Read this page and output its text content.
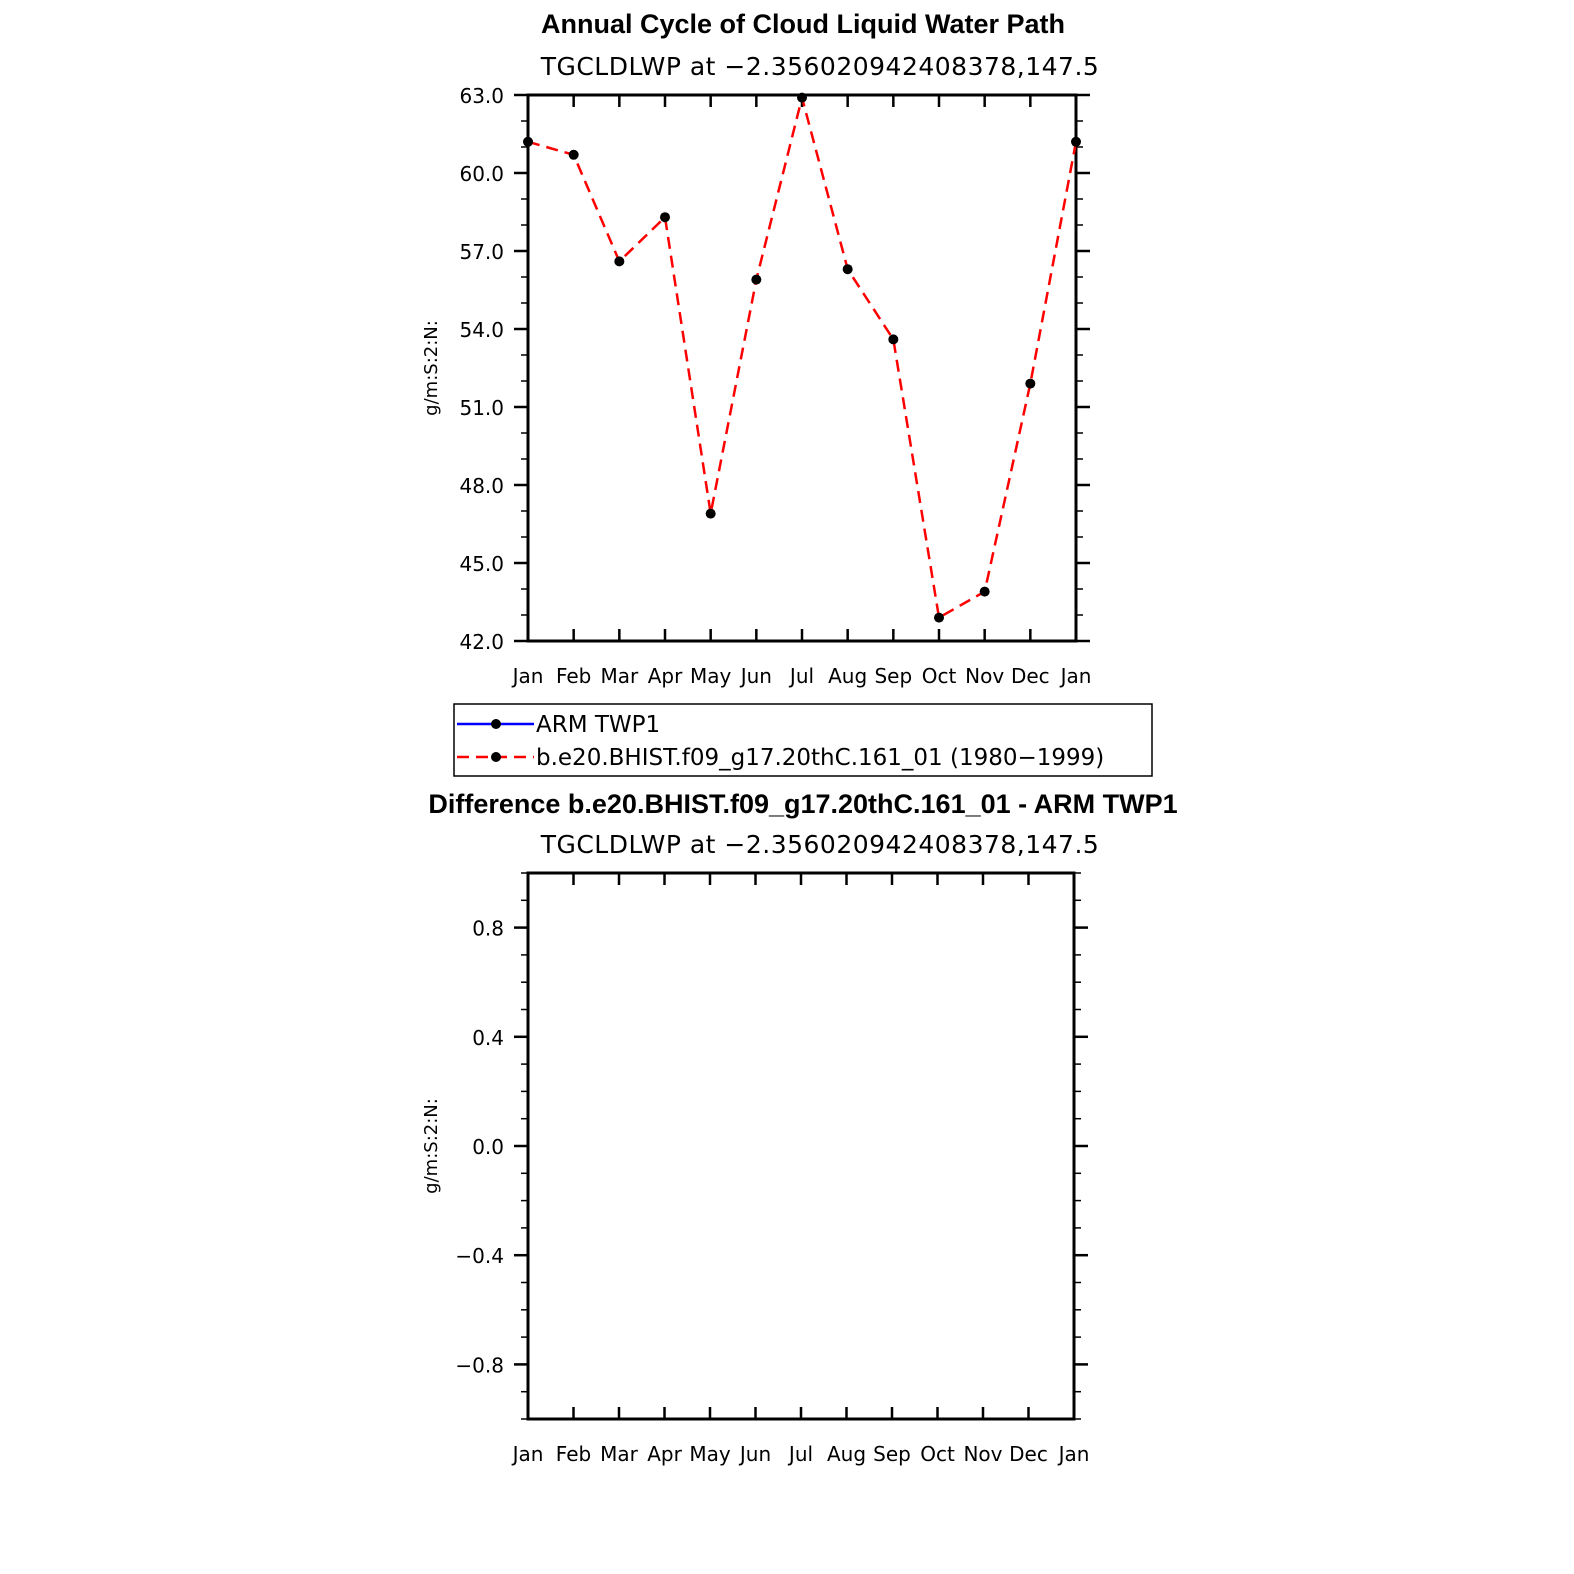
Annual Cycle of Cloud Liquid Water Path
TGCLDLWP at −2.356020942408378,147.5
g/m:S:2:N:
63.0
60.0
57.0
54.0
51.0
48.0
45.0
42.0
Jan Feb Mar Apr May Jun Jul Aug Sep Oct Nov Dec Jan
ARM TWP1
b.e20.BHIST.f09_g17.20thC.161_01 (1980−1999)
Difference b.e20.BHIST.f09_g17.20thC.161_01 - ARM TWP1
TGCLDLWP at −2.356020942408378,147.5
g/m:S:2:N:
0.8
0.4
0.0
−0.4
−0.8
Jan Feb Mar Apr May Jun Jul Aug Sep Oct Nov Dec Jan
